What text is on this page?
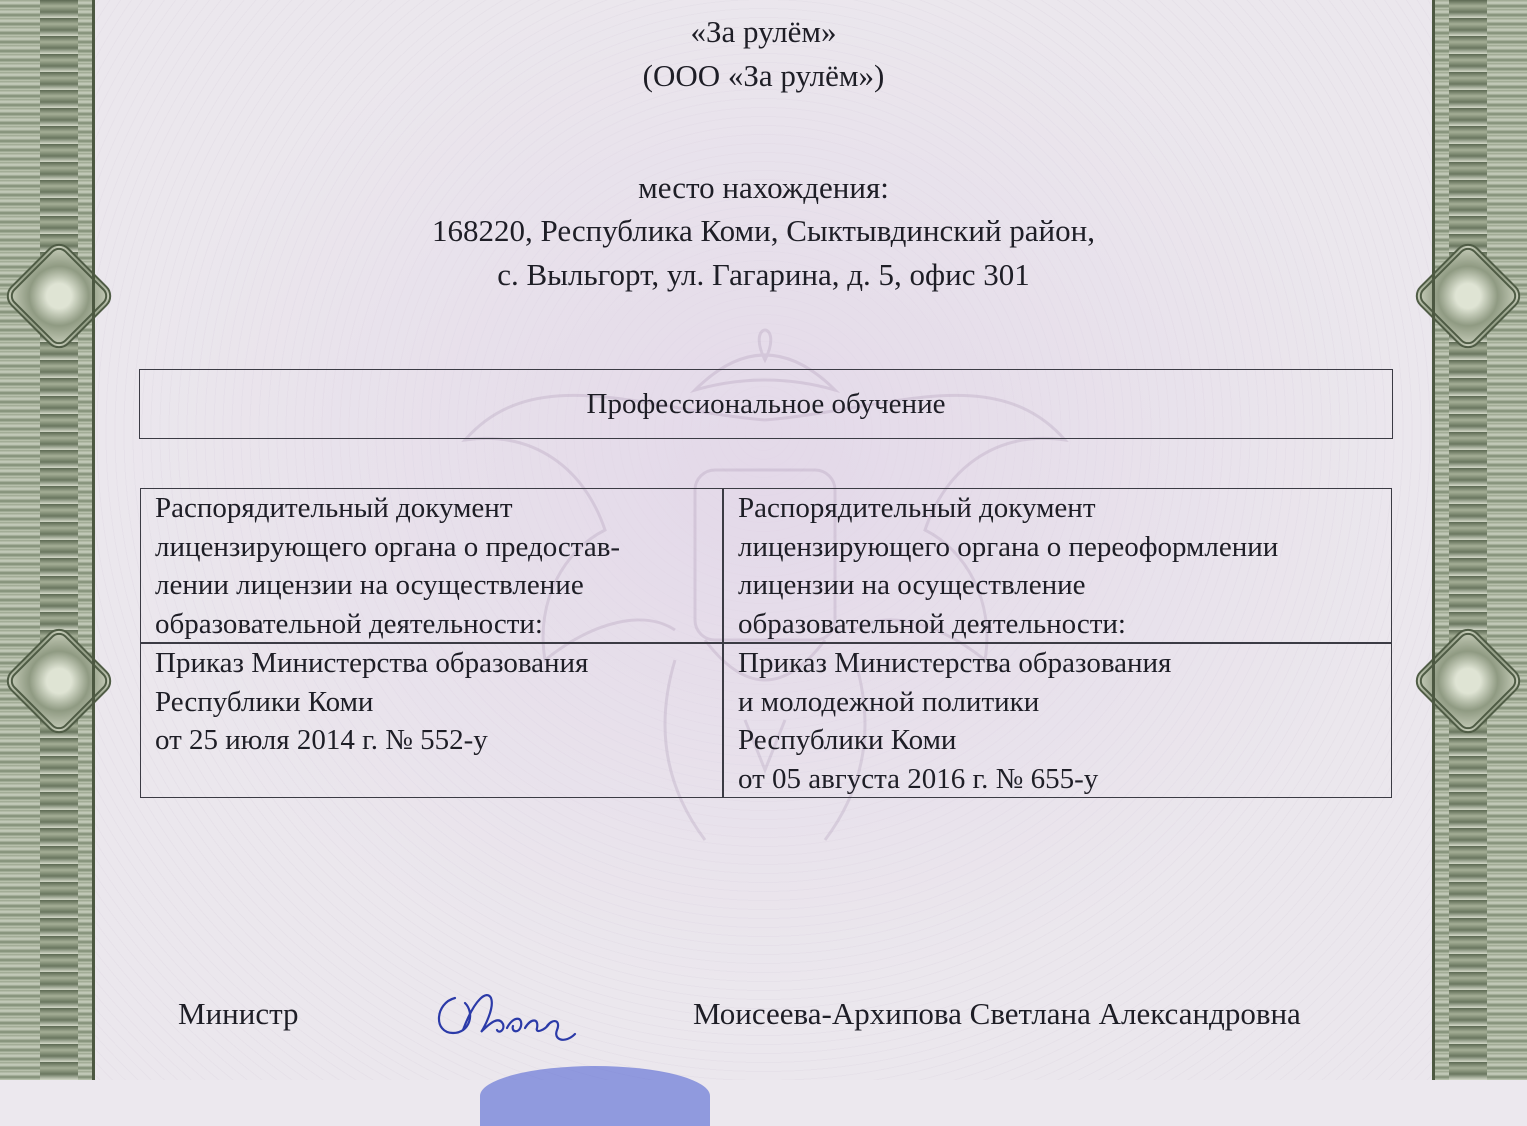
«За рулём»
(ООО «За рулём»)
место нахождения:
168220, Республика Коми, Сыктывдинский район,
с. Выльгорт, ул. Гагарина, д. 5, офис 301
Профессиональное обучение
Распорядительный документ
лицензирующего органа о предостав-
лении лицензии на осуществление
образовательной деятельности:
Распорядительный документ
лицензирующего органа о переоформлении
лицензии на осуществление
образовательной деятельности:
Приказ Министерства образования
Республики Коми
от 25 июля 2014 г. № 552-у
Приказ Министерства образования
и молодежной политики
Республики Коми
от 05 августа 2016 г. № 655-у
Министр	Моисеева-Архипова Светлана Александровна
